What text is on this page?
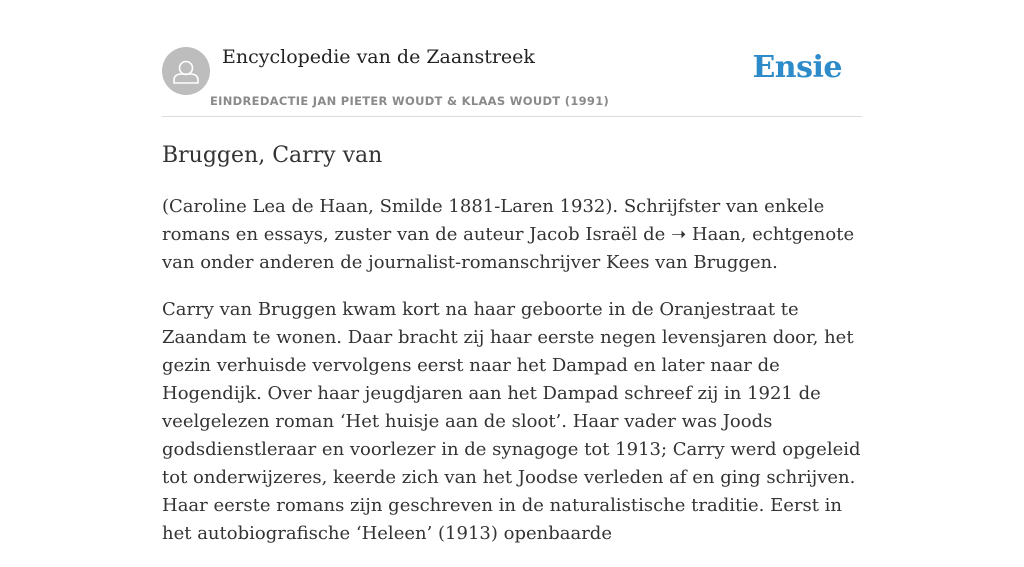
Encyclopedie van de Zaanstreek
EINDREDACTIE JAN PIETER WOUDT & KLAAS WOUDT (1991)
Ensie
Bruggen, Carry van

(Caroline Lea de Haan, Smilde 1881-Laren 1932). Schrijfster van enkele romans en essays, zuster van de auteur Jacob Israël de ➝ Haan, echtgenote van onder anderen de journalist-romanschrijver Kees van Bruggen.

Carry van Bruggen kwam kort na haar geboorte in de Oranjestraat te Zaandam te wonen. Daar bracht zij haar eerste negen levensjaren door, het gezin verhuisde vervolgens eerst naar het Dampad en later naar de Hogendijk. Over haar jeugdjaren aan het Dampad schreef zij in 1921 de veelgelezen roman ‘Het huisje aan de sloot’. Haar vader was Joods godsdienstleraar en voorlezer in de synagoge tot 1913; Carry werd opgeleid tot onderwijzeres, keerde zich van het Joodse verleden af en ging schrijven. Haar eerste romans zijn geschreven in de naturalistische traditie. Eerst in het autobiografische ‘Heleen’ (1913) openbaarde
